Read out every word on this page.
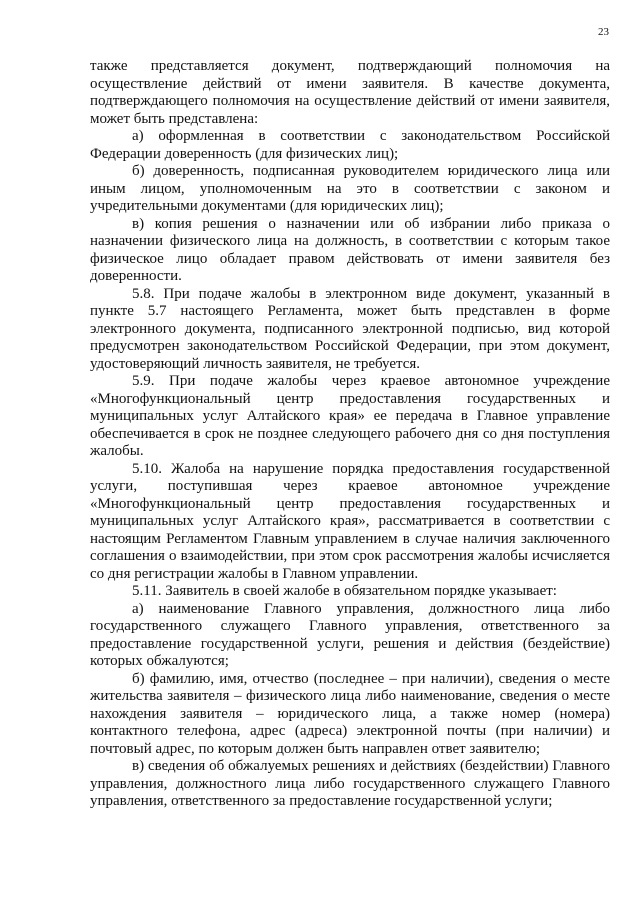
23

также представляется документ, подтверждающий полномочия на осуществление действий от имени заявителя. В качестве документа, подтверждающего полномочия на осуществление действий от имени заявителя, может быть представлена:

а) оформленная в соответствии с законодательством Российской Федерации доверенность (для физических лиц);

б) доверенность, подписанная руководителем юридического лица или иным лицом, уполномоченным на это в соответствии с законом и учредительными документами (для юридических лиц);

в) копия решения о назначении или об избрании либо приказа о назначении физического лица на должность, в соответствии с которым такое физическое лицо обладает правом действовать от имени заявителя без доверенности.

5.8. При подаче жалобы в электронном виде документ, указанный в пункте 5.7 настоящего Регламента, может быть представлен в форме электронного документа, подписанного электронной подписью, вид которой предусмотрен законодательством Российской Федерации, при этом документ, удостоверяющий личность заявителя, не требуется.

5.9. При подаче жалобы через краевое автономное учреждение «Многофункциональный центр предоставления государственных и муниципальных услуг Алтайского края» ее передача в Главное управление обеспечивается в срок не позднее следующего рабочего дня со дня поступления жалобы.

5.10. Жалоба на нарушение порядка предоставления государственной услуги, поступившая через краевое автономное учреждение «Многофункциональный центр предоставления государственных и муниципальных услуг Алтайского края», рассматривается в соответствии с настоящим Регламентом Главным управлением в случае наличия заключенного соглашения о взаимодействии, при этом срок рассмотрения жалобы исчисляется со дня регистрации жалобы в Главном управлении.

5.11. Заявитель в своей жалобе в обязательном порядке указывает:

а) наименование Главного управления, должностного лица либо государственного служащего Главного управления, ответственного за предоставление государственной услуги, решения и действия (бездействие) которых обжалуются;

б) фамилию, имя, отчество (последнее – при наличии), сведения о месте жительства заявителя – физического лица либо наименование, сведения о месте нахождения заявителя – юридического лица, а также номер (номера) контактного телефона, адрес (адреса) электронной почты (при наличии) и почтовый адрес, по которым должен быть направлен ответ заявителю;

в) сведения об обжалуемых решениях и действиях (бездействии) Главного управления, должностного лица либо государственного служащего Главного управления, ответственного за предоставление государственной услуги;
